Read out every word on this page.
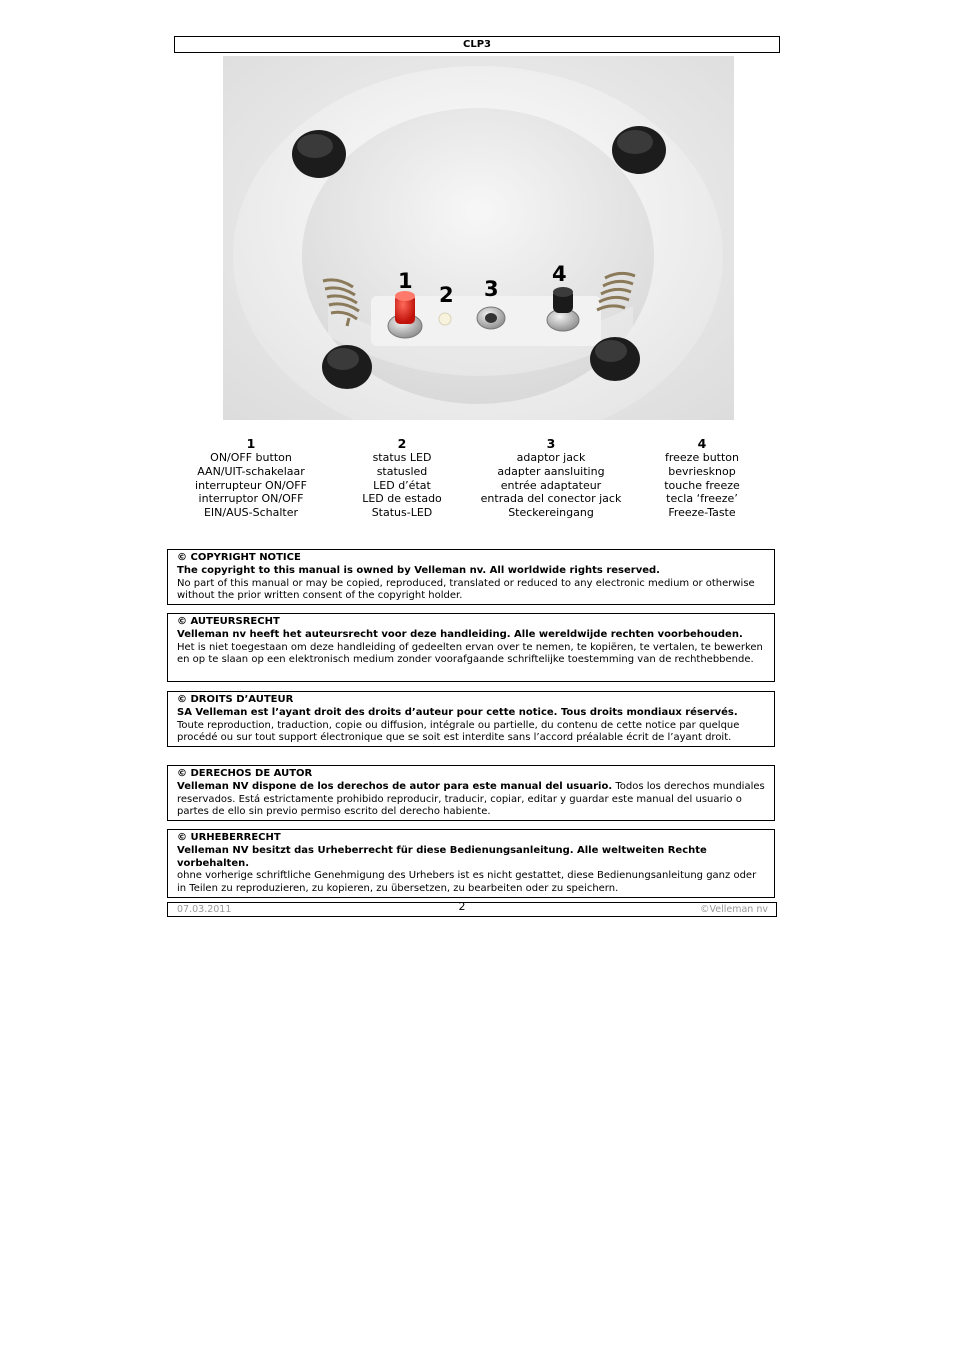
CLP3
1
2 3
4
1
ON/OFF button
AAN/UIT-schakelaar
interrupteur ON/OFF
interruptor ON/OFF
EIN/AUS-Schalter
2
status LED
statusled
LED d’état
LED de estado
Status-LED
3
adaptor jack
adapter aansluiting
entrée adaptateur
entrada del conector jack
Steckereingang
4
freeze button
bevriesknop
touche freeze
tecla ‘freeze’
Freeze-Taste
© COPYRIGHT NOTICE
The copyright to this manual is owned by Velleman nv. All worldwide rights reserved.
No part of this manual or may be copied, reproduced, translated or reduced to any electronic medium or otherwise without the prior written consent of the copyright holder.
© AUTEURSRECHT
Velleman nv heeft het auteursrecht voor deze handleiding. Alle wereldwijde rechten voorbehouden.
Het is niet toegestaan om deze handleiding of gedeelten ervan over te nemen, te kopiëren, te vertalen, te bewerken en op te slaan op een elektronisch medium zonder voorafgaande schriftelijke toestemming van de rechthebbende.
© DROITS D’AUTEUR
SA Velleman est l’ayant droit des droits d’auteur pour cette notice. Tous droits mondiaux réservés.
Toute reproduction, traduction, copie ou diffusion, intégrale ou partielle, du contenu de cette notice par quelque procédé ou sur tout support électronique que se soit est interdite sans l’accord préalable écrit de l’ayant droit.
© DERECHOS DE AUTOR
Velleman NV dispone de los derechos de autor para este manual del usuario. Todos los derechos mundiales reservados. Está estrictamente prohibido reproducir, traducir, copiar, editar y guardar este manual del usuario o partes de ello sin previo permiso escrito del derecho habiente.
© URHEBERRECHT
Velleman NV besitzt das Urheberrecht für diese Bedienungsanleitung. Alle weltweiten Rechte vorbehalten.
ohne vorherige schriftliche Genehmigung des Urhebers ist es nicht gestattet, diese Bedienungsanleitung ganz oder in Teilen zu reproduzieren, zu kopieren, zu übersetzen, zu bearbeiten oder zu speichern.
07.03.2011	2	©Velleman nv
